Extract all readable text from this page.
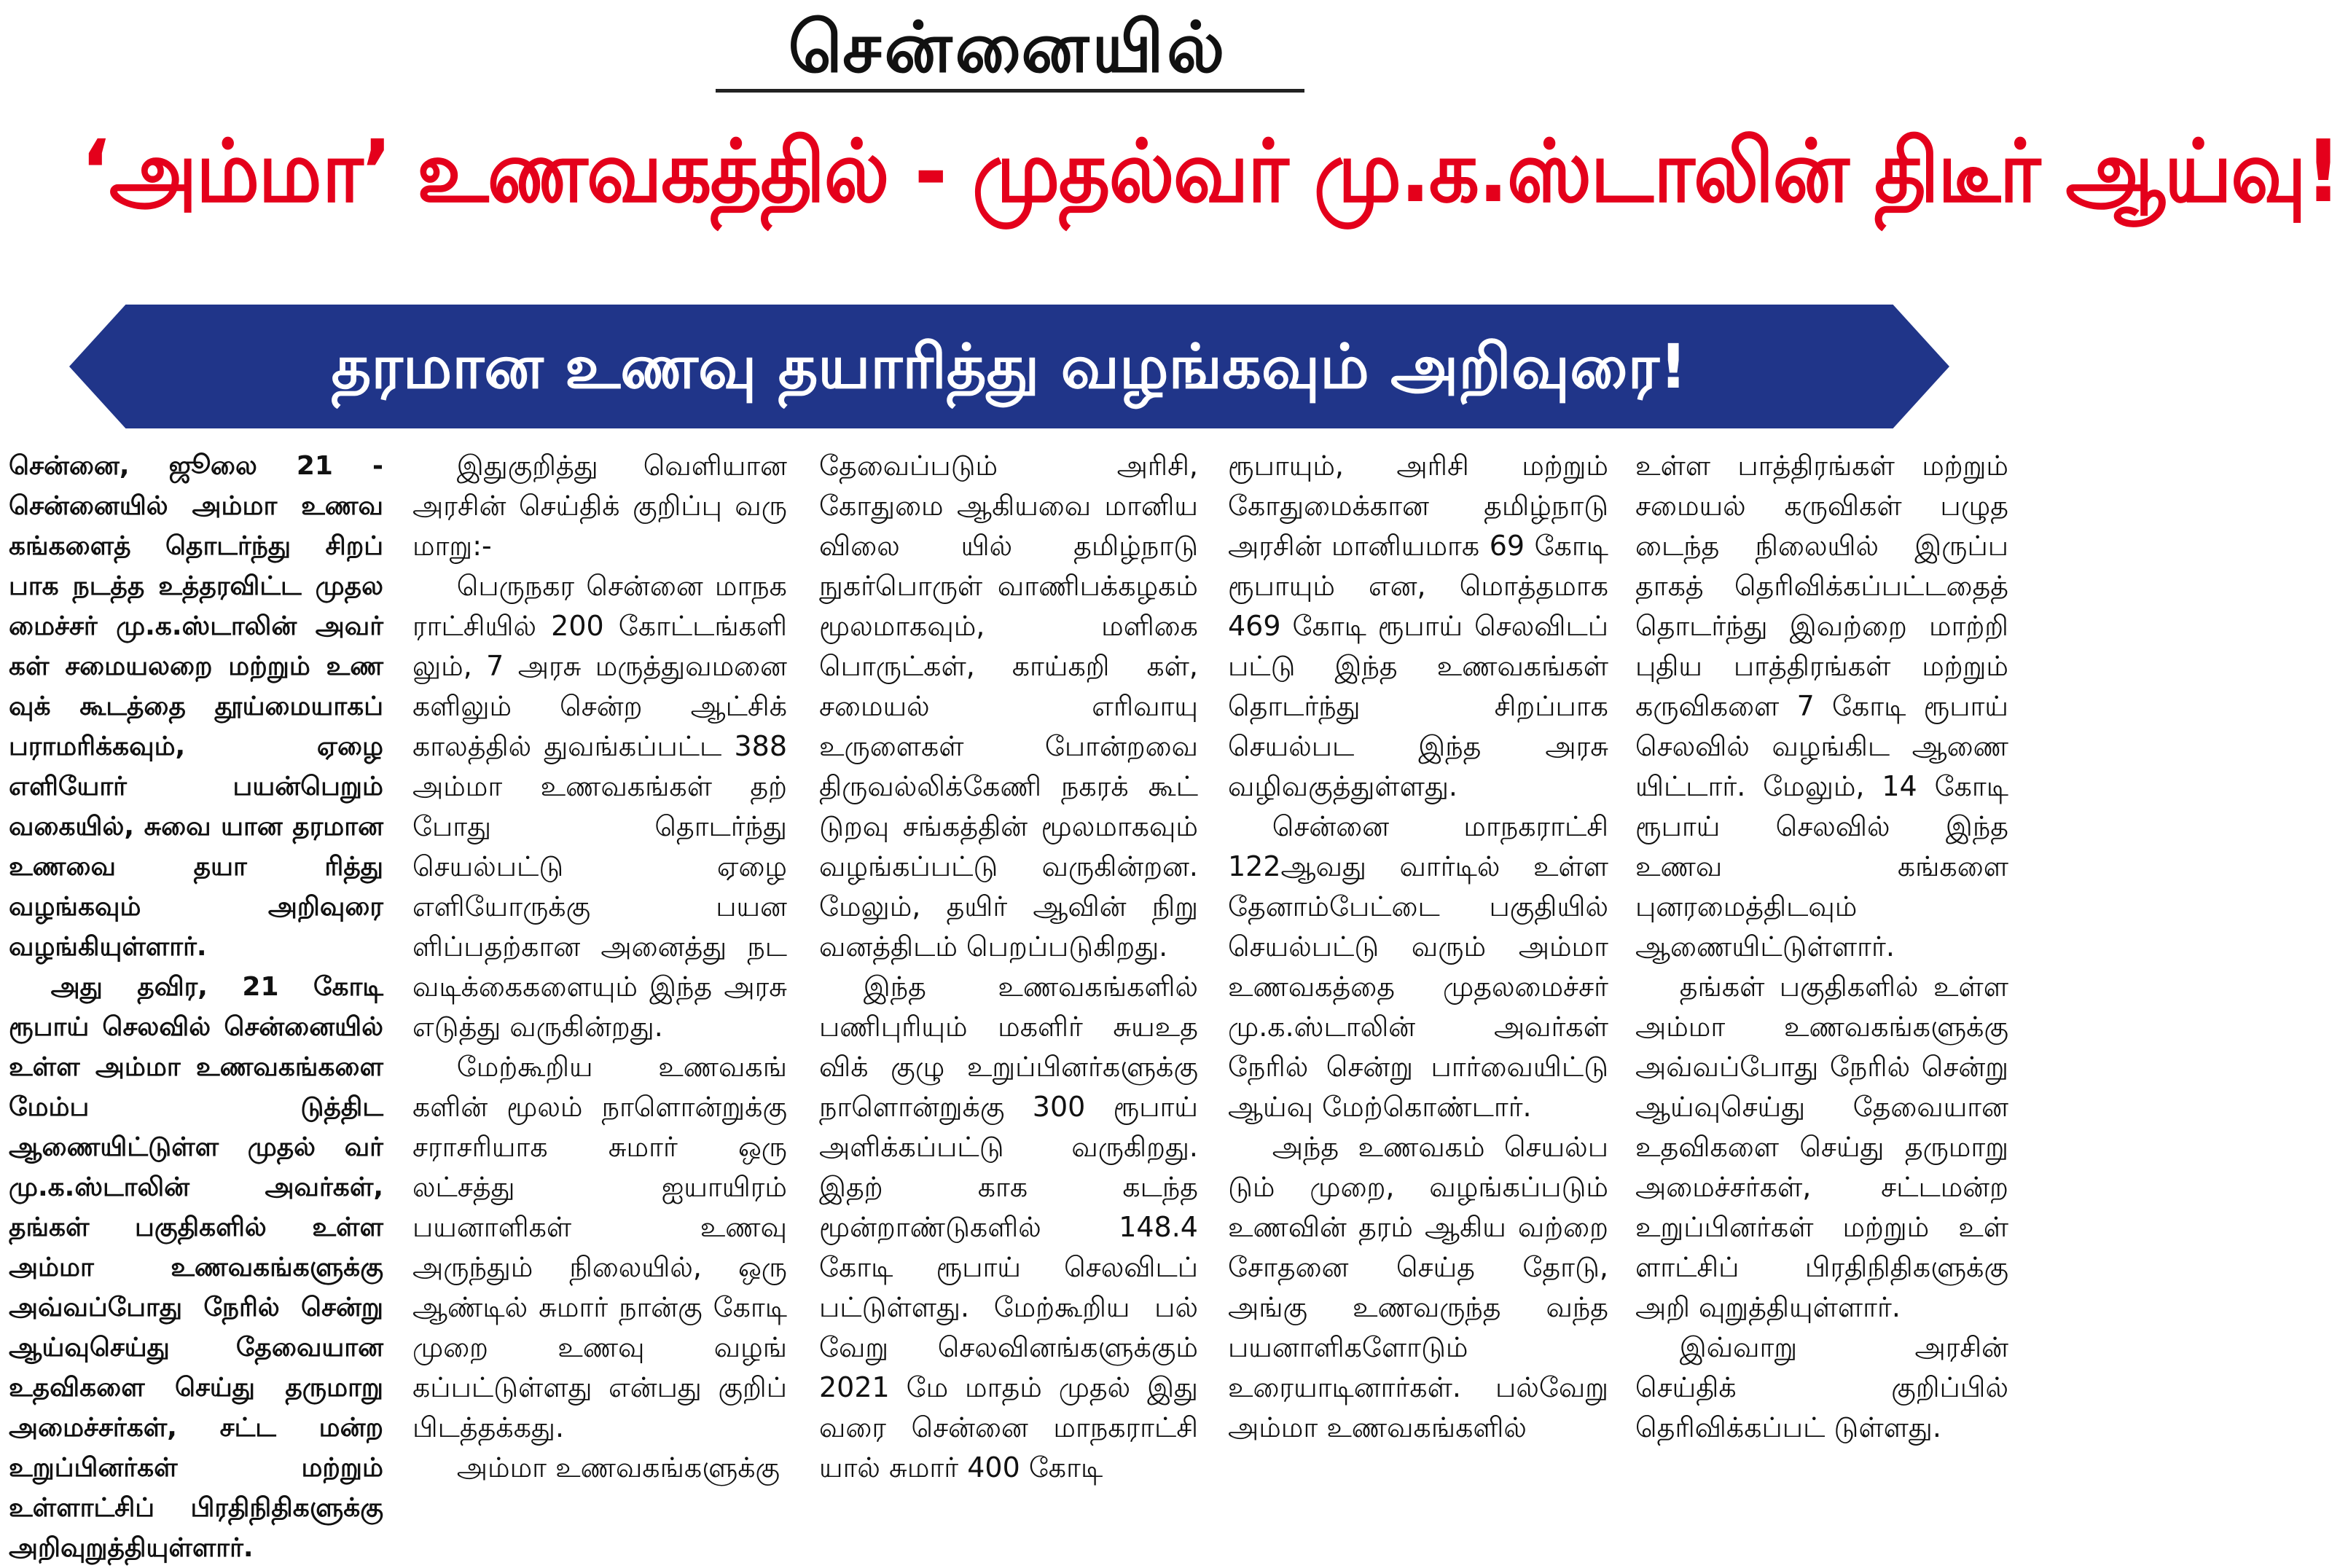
சென்னையில்
‘அம்மா’ உணவகத்தில் - முதல்வர் மு.க.ஸ்டாலின் திடீர் ஆய்வு!
தரமான உணவு தயாரித்து வழங்கவும் அறிவுரை!

சென்னை, ஜூலை 21 - சென்னையில் அம்மா உணவ கங்களைத் தொடர்ந்து சிறப் பாக நடத்த உத்தரவிட்ட முதல மைச்சர் மு.க.ஸ்டாலின் அவர் கள் சமையலறை மற்றும் உண வுக் கூடத்தை தூய்மையாகப் பராமரிக்கவும், ஏழை எளியோர் பயன்பெறும் வகையில், சுவை யான தரமான உணவை தயா ரித்து வழங்கவும் அறிவுரை வழங்கியுள்ளார்.

அது தவிர, 21 கோடி ரூபாய் செலவில் சென்னையில் உள்ள அம்மா உணவகங்களை மேம்ப டுத்திட ஆணையிட்டுள்ள முதல் வர் மு.க.ஸ்டாலின் அவர்கள், தங்கள் பகுதிகளில் உள்ள அம்மா உணவகங்களுக்கு அவ்வப்போது நேரில் சென்று ஆய்வுசெய்து தேவையான உதவிகளை செய்து தருமாறு அமைச்சர்கள், சட்ட மன்ற உறுப்பினர்கள் மற்றும் உள்ளாட்சிப் பிரதிநிதிகளுக்கு அறிவுறுத்தியுள்ளார்.

இதுகுறித்து வெளியான அரசின் செய்திக் குறிப்பு வரு மாறு:-

பெருநகர சென்னை மாநக ராட்சியில் 200 கோட்டங்களி லும், 7 அரசு மருத்துவமனை களிலும் சென்ற ஆட்சிக் காலத்தில் துவங்கப்பட்ட 388 அம்மா உணவகங்கள் தற் போது தொடர்ந்து செயல்பட்டு ஏழை எளியோருக்கு பயன ளிப்பதற்கான அனைத்து நட வடிக்கைகளையும் இந்த அரசு எடுத்து வருகின்றது.

மேற்கூறிய உணவகங் களின் மூலம் நாளொன்றுக்கு சராசரியாக சுமார் ஒரு லட்சத்து ஐயாயிரம் பயனாளிகள் உணவு அருந்தும் நிலையில், ஒரு ஆண்டில் சுமார் நான்கு கோடி முறை உணவு வழங் கப்பட்டுள்ளது என்பது குறிப் பிடத்தக்கது.

அம்மா உணவகங்களுக்கு

தேவைப்படும் அரிசி, கோதுமை ஆகியவை மானிய விலை யில் தமிழ்நாடு நுகர்பொருள் வாணிபக்கழகம் மூலமாகவும், மளிகை பொருட்கள், காய்கறி கள், சமையல் எரிவாயு உருளைகள் போன்றவை திருவல்லிக்கேணி நகரக் கூட் டுறவு சங்கத்தின் மூலமாகவும் வழங்கப்பட்டு வருகின்றன. மேலும், தயிர் ஆவின் நிறு வனத்திடம் பெறப்படுகிறது.

இந்த உணவகங்களில் பணிபுரியும் மகளிர் சுயஉத விக் குழு உறுப்பினர்களுக்கு நாளொன்றுக்கு 300 ரூபாய் அளிக்கப்பட்டு வருகிறது. இதற் காக கடந்த மூன்றாண்டுகளில் 148.4 கோடி ரூபாய் செலவிடப் பட்டுள்ளது. மேற்கூறிய பல் வேறு செலவினங்களுக்கும் 2021 மே மாதம் முதல் இது வரை சென்னை மாநகராட்சி யால் சுமார் 400 கோடி

ரூபாயும், அரிசி மற்றும் கோதுமைக்கான தமிழ்நாடு அரசின் மானியமாக 69 கோடி ரூபாயும் என, மொத்தமாக 469 கோடி ரூபாய் செலவிடப் பட்டு இந்த உணவகங்கள் தொடர்ந்து சிறப்பாக செயல்பட இந்த அரசு வழிவகுத்துள்ளது.

சென்னை மாநகராட்சி 122ஆவது வார்டில் உள்ள தேனாம்பேட்டை பகுதியில் செயல்பட்டு வரும் அம்மா உணவகத்தை முதலமைச்சர் மு.க.ஸ்டாலின் அவர்கள் நேரில் சென்று பார்வையிட்டு ஆய்வு மேற்கொண்டார்.

அந்த உணவகம் செயல்ப டும் முறை, வழங்கப்படும் உணவின் தரம் ஆகிய வற்றை சோதனை செய்த தோடு, அங்கு உணவருந்த வந்த பயனாளிகளோடும் உரையாடினார்கள். பல்வேறு அம்மா உணவகங்களில்

உள்ள பாத்திரங்கள் மற்றும் சமையல் கருவிகள் பழுத டைந்த நிலையில் இருப்ப தாகத் தெரிவிக்கப்பட்டதைத் தொடர்ந்து இவற்றை மாற்றி புதிய பாத்திரங்கள் மற்றும் கருவிகளை 7 கோடி ரூபாய் செலவில் வழங்கிட ஆணை யிட்டார். மேலும், 14 கோடி ரூபாய் செலவில் இந்த உணவ கங்களை புனரமைத்திடவும் ஆணையிட்டுள்ளார்.

தங்கள் பகுதிகளில் உள்ள அம்மா உணவகங்களுக்கு அவ்வப்போது நேரில் சென்று ஆய்வுசெய்து தேவையான உதவிகளை செய்து தருமாறு அமைச்சர்கள், சட்டமன்ற உறுப்பினர்கள் மற்றும் உள் ளாட்சிப் பிரதிநிதிகளுக்கு அறி வுறுத்தியுள்ளார்.

இவ்வாறு அரசின் செய்திக் குறிப்பில் தெரிவிக்கப்பட் டுள்ளது.
